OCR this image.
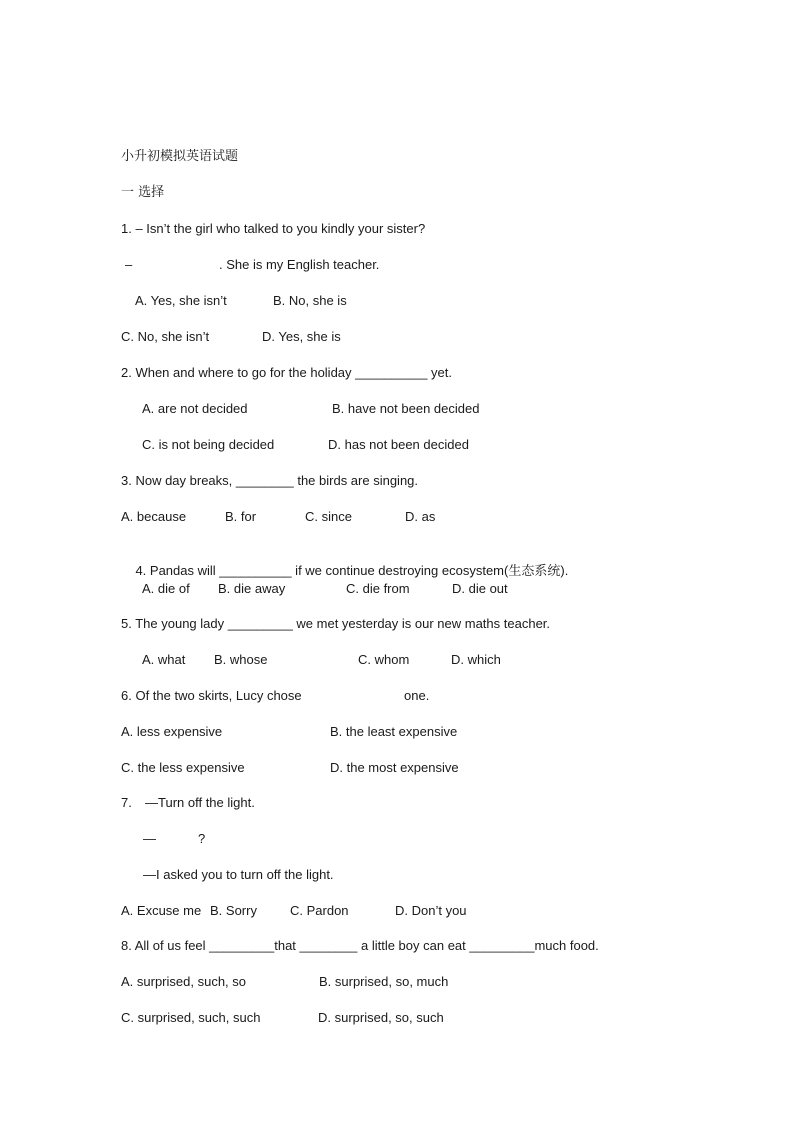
小升初模拟英语试题
一 选择
1. – Isn’t the girl who talked to you kindly your sister?
–	. She is my English teacher.
A. Yes, she isn’t	B. No, she is
C. No, she isn’t	D. Yes, she is
2. When and where to go for the holiday __________ yet.
A. are not decided	B. have not been decided
C. is not being decided	D. has not been decided
3. Now day breaks, ________ the birds are singing.
A. because	B. for	C. since	D. as

4. Pandas will __________ if we continue destroying ecosystem(生态系统).

A. die of B. die away	C. die from	D. die out
5. The young lady _________ we met yesterday is our new maths teacher.
A. what B. whose	C. whom	D. which
6. Of the two skirts, Lucy chose	one.
A. less expensive	B. the least expensive
C. the less expensive	D. the most expensive
7. —Turn off the light.
—	?
—I asked you to turn off the light.
A. Excuse me B. Sorry	C. Pardon	D. Don’t you
8. All of us feel _________that ________ a little boy can eat _________much food.
A. surprised, such, so	B. surprised, so, much
C. surprised, such, such	D. surprised, so, such
